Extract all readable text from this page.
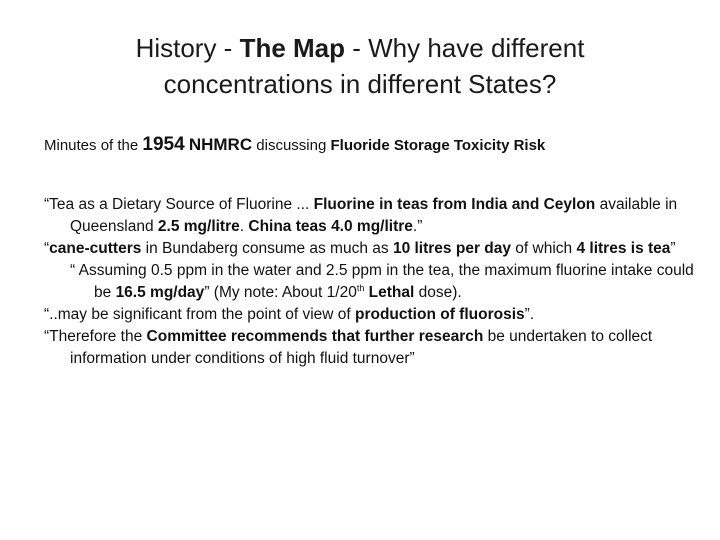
History - The Map - Why have different concentrations in different States?
Minutes of the 1954 NHMRC discussing Fluoride Storage Toxicity Risk

“Tea as a Dietary Source of Fluorine ... Fluorine in teas from India and Ceylon available in Queensland 2.5 mg/litre. China teas 4.0 mg/litre.”

“cane-cutters in Bundaberg consume as much as 10 litres per day of which 4 litres is tea”

“ Assuming 0.5 ppm in the water and 2.5 ppm in the tea, the maximum fluorine intake could be 16.5 mg/day” (My note: About 1/20th Lethal dose).

“..may be significant from the point of view of production of fluorosis”.

“Therefore the Committee recommends that further research be undertaken to collect information under conditions of high fluid turnover”
